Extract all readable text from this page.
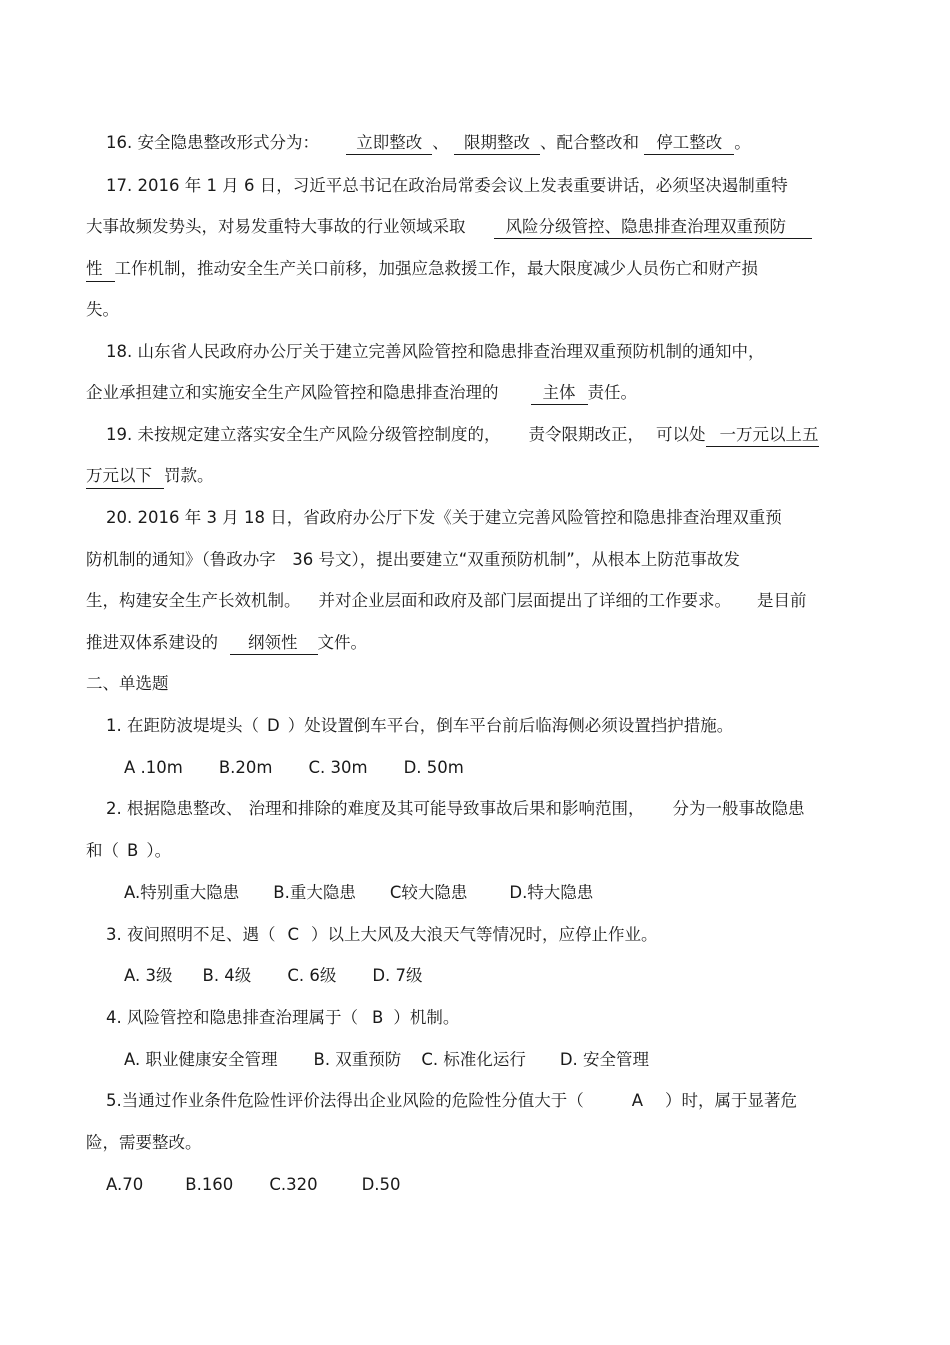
16. 安全隐患整改形式分为： 立即整改 、 限期整改 、配合整改和 停工整改 。
17. 2016 年 1 月 6 日，习近平总书记在政治局常委会议上发表重要讲话，必须坚决遏制重特
大事故频发势头，对易发重特大事故的行业领域采取 风险分级管控、隐患排查治理双重预防
性 工作机制，推动安全生产关口前移，加强应急救援工作，最大限度减少人员伤亡和财产损
失。
18. 山东省人民政府办公厅关于建立完善风险管控和隐患排查治理双重预防机制的通知中，
企业承担建立和实施安全生产风险管控和隐患排查治理的	主体 责任。
19. 未按规定建立落实安全生产风险分级管控制度的， 责令限期改正， 可以处 一万元以上五
万元以下 罚款。
20. 2016 年 3 月 18 日，省政府办公厅下发《关于建立完善风险管控和隐患排查治理双重预
防机制的通知》（鲁政办字　36 号文），提出要建立“双重预防机制”，从根本上防范事故发
生，构建安全生产长效机制。 并对企业层面和政府及部门层面提出了详细的工作要求。 是目前
推进双体系建设的 纲领性 文件。
二、单选题
1. 在距防波堤堤头（ D ）处设置倒车平台，倒车平台前后临海侧必须设置挡护措施。
A .10m B.20m C. 30m D. 50m
2. 根据隐患整改、 治理和排除的难度及其可能导致事故后果和影响范围， 分为一般事故隐患
和（ B ）。
A.特别重大隐患 B.重大隐患 C较大隐患	D.特大隐患
3. 夜间照明不足、遇（ C ）以上大风及大浪天气等情况时，应停止作业。
A. 3级 B. 4级 C. 6级 D. 7级
4. 风险管控和隐患排查治理属于（ B ）机制。
A. 职业健康安全管理 B. 双重预防 C. 标准化运行 D. 安全管理
5.当通过作业条件危险性评价法得出企业风险的危险性分值大于（	A ）时，属于显著危
险，需要整改。
A.70	B.160 C.320	D.50
